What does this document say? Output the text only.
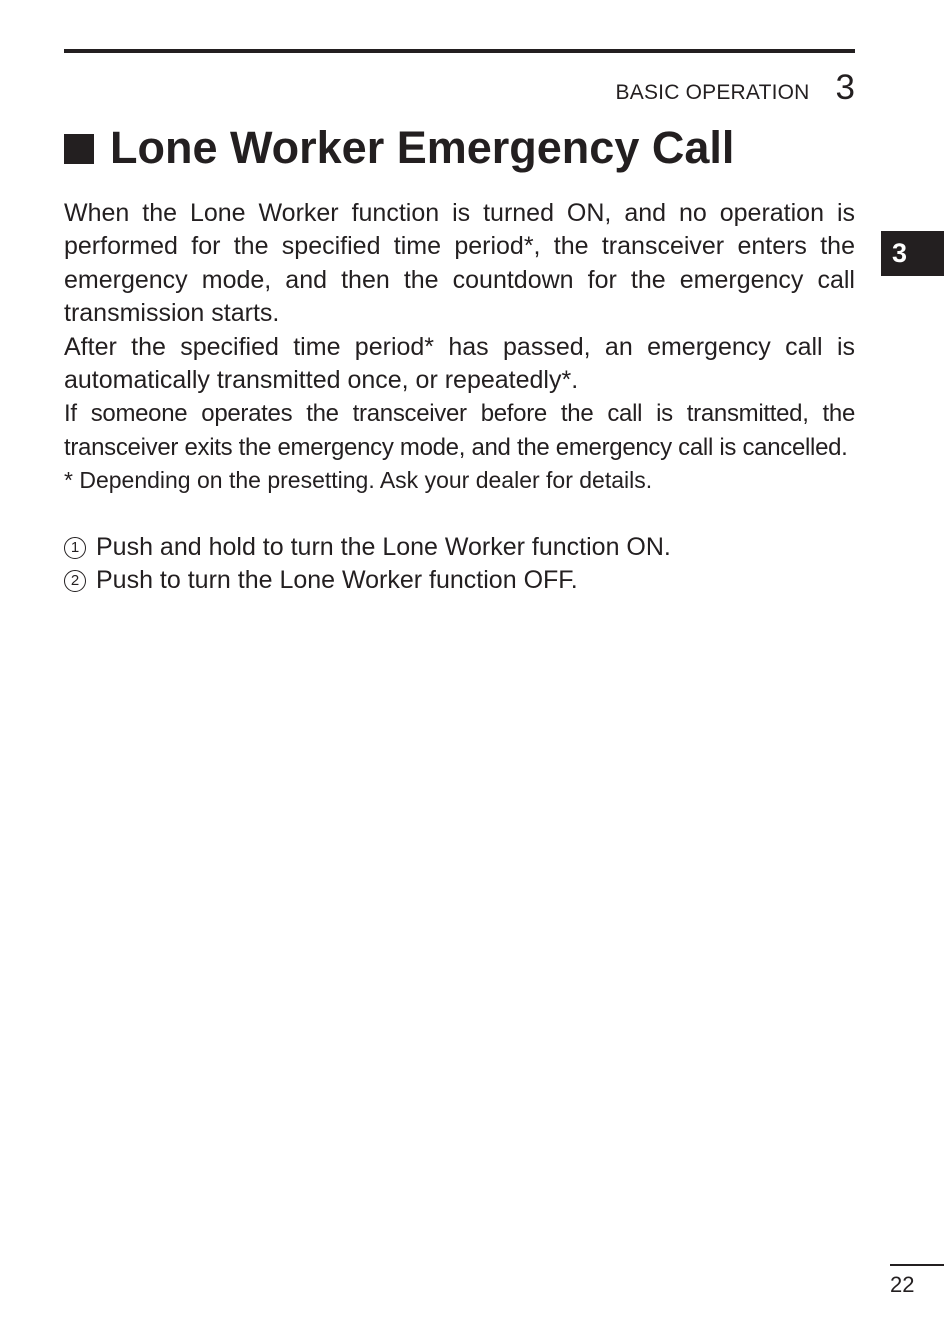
BASIC OPERATION 3
Lone Worker Emergency Call

When the Lone Worker function is turned ON, and no operation is performed for the specified time period*, the transceiver enters the emergency mode, and then the countdown for the emergency call transmission starts.

After the specified time period* has passed, an emergency call is automatically transmitted once, or repeatedly*.

If someone operates the transceiver before the call is transmitted, the transceiver exits the emergency mode, and the emergency call is cancelled.

* Depending on the presetting. Ask your dealer for details.

1 Push and hold to turn the Lone Worker function ON.
2 Push to turn the Lone Worker function OFF.
3
22
